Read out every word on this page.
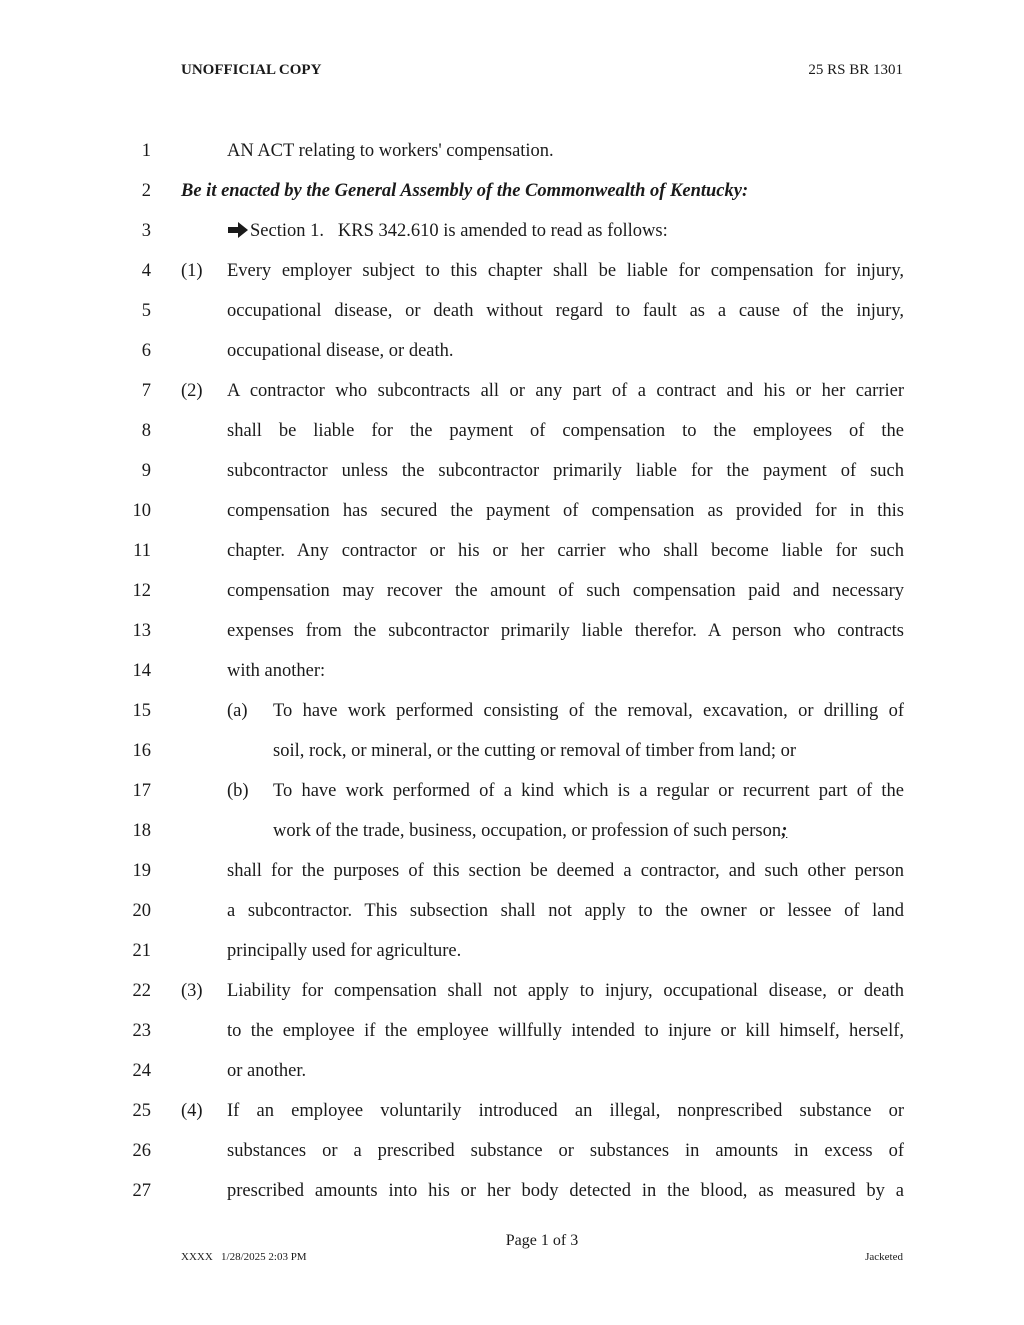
UNOFFICIAL COPY	25 RS BR 1301
1	AN ACT relating to workers' compensation.
2 Be it enacted by the General Assembly of the Commonwealth of Kentucky:
3	Section 1.   KRS 342.610 is amended to read as follows:
4 (1) Every employer subject to this chapter shall be liable for compensation for injury,
5	occupational disease, or death without regard to fault as a cause of the injury,
6	occupational disease, or death.
7 (2) A contractor who subcontracts all or any part of a contract and his or her carrier
8	shall be liable for the payment of compensation to the employees of the
9	subcontractor unless the subcontractor primarily liable for the payment of such
10	compensation has secured the payment of compensation as provided for in this
11	chapter. Any contractor or his or her carrier who shall become liable for such
12	compensation may recover the amount of such compensation paid and necessary
13	expenses from the subcontractor primarily liable therefor. A person who contracts
14	with another:
15	(a) To have work performed consisting of the removal, excavation, or drilling of
16	soil, rock, or mineral, or the cutting or removal of timber from land; or
17	(b) To have work performed of a kind which is a regular or recurrent part of the
18	work of the trade, business, occupation, or profession of such person;
19	shall for the purposes of this section be deemed a contractor, and such other person
20	a subcontractor. This subsection shall not apply to the owner or lessee of land
21	principally used for agriculture.
22 (3) Liability for compensation shall not apply to injury, occupational disease, or death
23	to the employee if the employee willfully intended to injure or kill himself, herself,
24	or another.
25 (4) If an employee voluntarily introduced an illegal, nonprescribed substance or
26	substances or a prescribed substance or substances in amounts in excess of
27	prescribed amounts into his or her body detected in the blood, as measured by a
Page 1 of 3
XXXX   1/28/2025 2:03 PM	Jacketed
